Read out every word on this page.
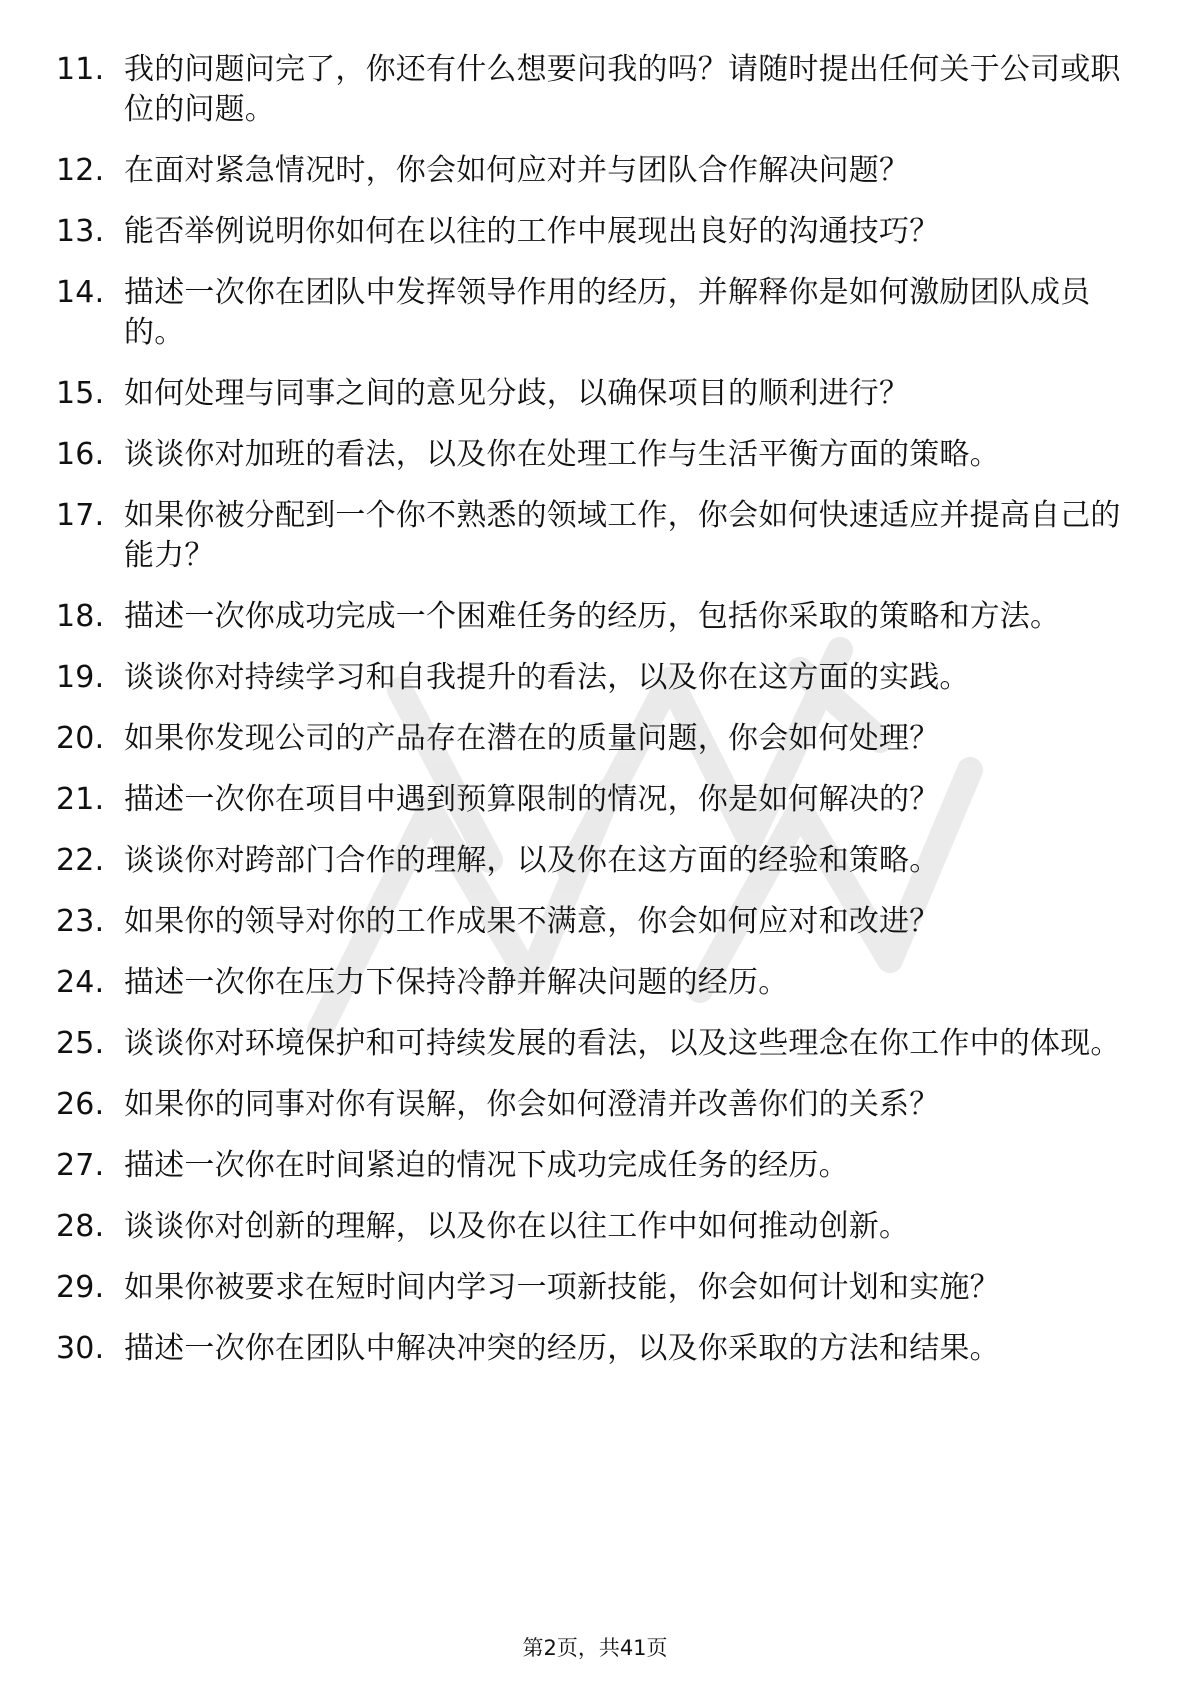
11. 我的问题问完了，你还有什么想要问我的吗？请随时提出任何关于公司或职位的问题。
12. 在面对紧急情况时，你会如何应对并与团队合作解决问题？
13. 能否举例说明你如何在以往的工作中展现出良好的沟通技巧？
14. 描述一次你在团队中发挥领导作用的经历，并解释你是如何激励团队成员的。
15. 如何处理与同事之间的意见分歧，以确保项目的顺利进行？
16. 谈谈你对加班的看法，以及你在处理工作与生活平衡方面的策略。
17. 如果你被分配到一个你不熟悉的领域工作，你会如何快速适应并提高自己的能力？
18. 描述一次你成功完成一个困难任务的经历，包括你采取的策略和方法。
19. 谈谈你对持续学习和自我提升的看法，以及你在这方面的实践。
20. 如果你发现公司的产品存在潜在的质量问题，你会如何处理？
21. 描述一次你在项目中遇到预算限制的情况，你是如何解决的？
22. 谈谈你对跨部门合作的理解，以及你在这方面的经验和策略。
23. 如果你的领导对你的工作成果不满意，你会如何应对和改进？
24. 描述一次你在压力下保持冷静并解决问题的经历。
25. 谈谈你对环境保护和可持续发展的看法，以及这些理念在你工作中的体现。
26. 如果你的同事对你有误解，你会如何澄清并改善你们的关系？
27. 描述一次你在时间紧迫的情况下成功完成任务的经历。
28. 谈谈你对创新的理解，以及你在以往工作中如何推动创新。
29. 如果你被要求在短时间内学习一项新技能，你会如何计划和实施？
30. 描述一次你在团队中解决冲突的经历，以及你采取的方法和结果。
第2页，共41页
